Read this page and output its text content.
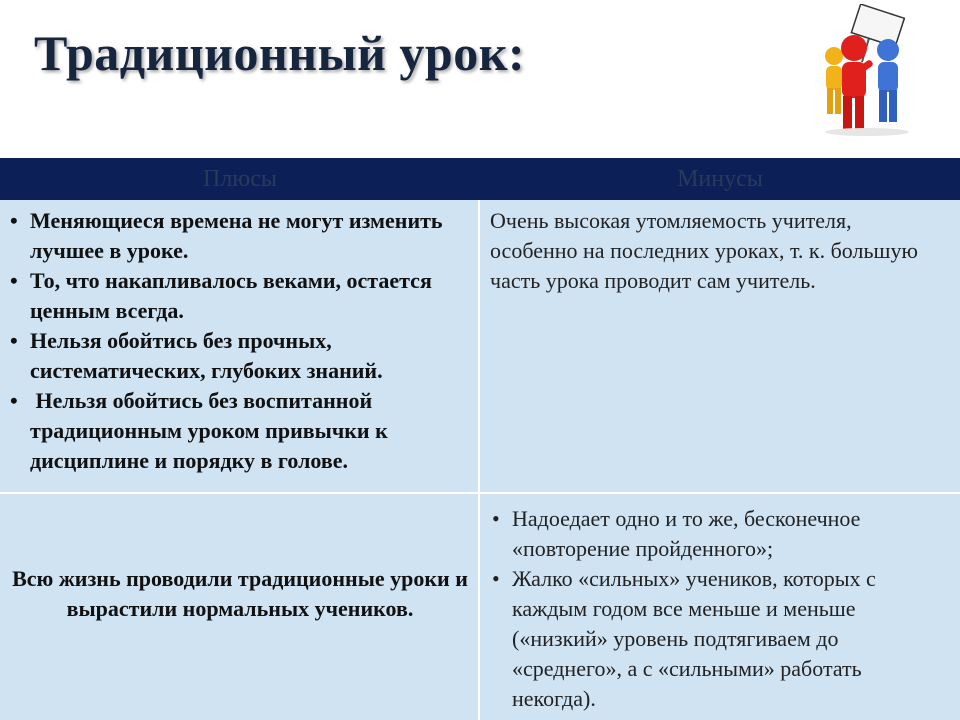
Традиционный урок:
Плюсы	Минусы
• Меняющиеся времена не могут изменить лучшее в уроке.
• То, что накапливалось веками, остается ценным всегда.
• Нельзя обойтись без прочных, систематических, глубоких знаний.
•  Нельзя обойтись без воспитанной традиционным уроком привычки к дисциплине и порядку в голове.
Очень высокая утомляемость учителя, особенно на последних уроках, т. к. большую часть урока проводит сам учитель.
Всю жизнь проводили традиционные уроки и вырастили нормальных учеников.
• Надоедает одно и то же, бесконечное «повторение пройденного»;
• Жалко «сильных» учеников, которых с каждым годом все меньше и меньше («низкий» уровень подтягиваем до «среднего», а с «сильными» работать некогда).
